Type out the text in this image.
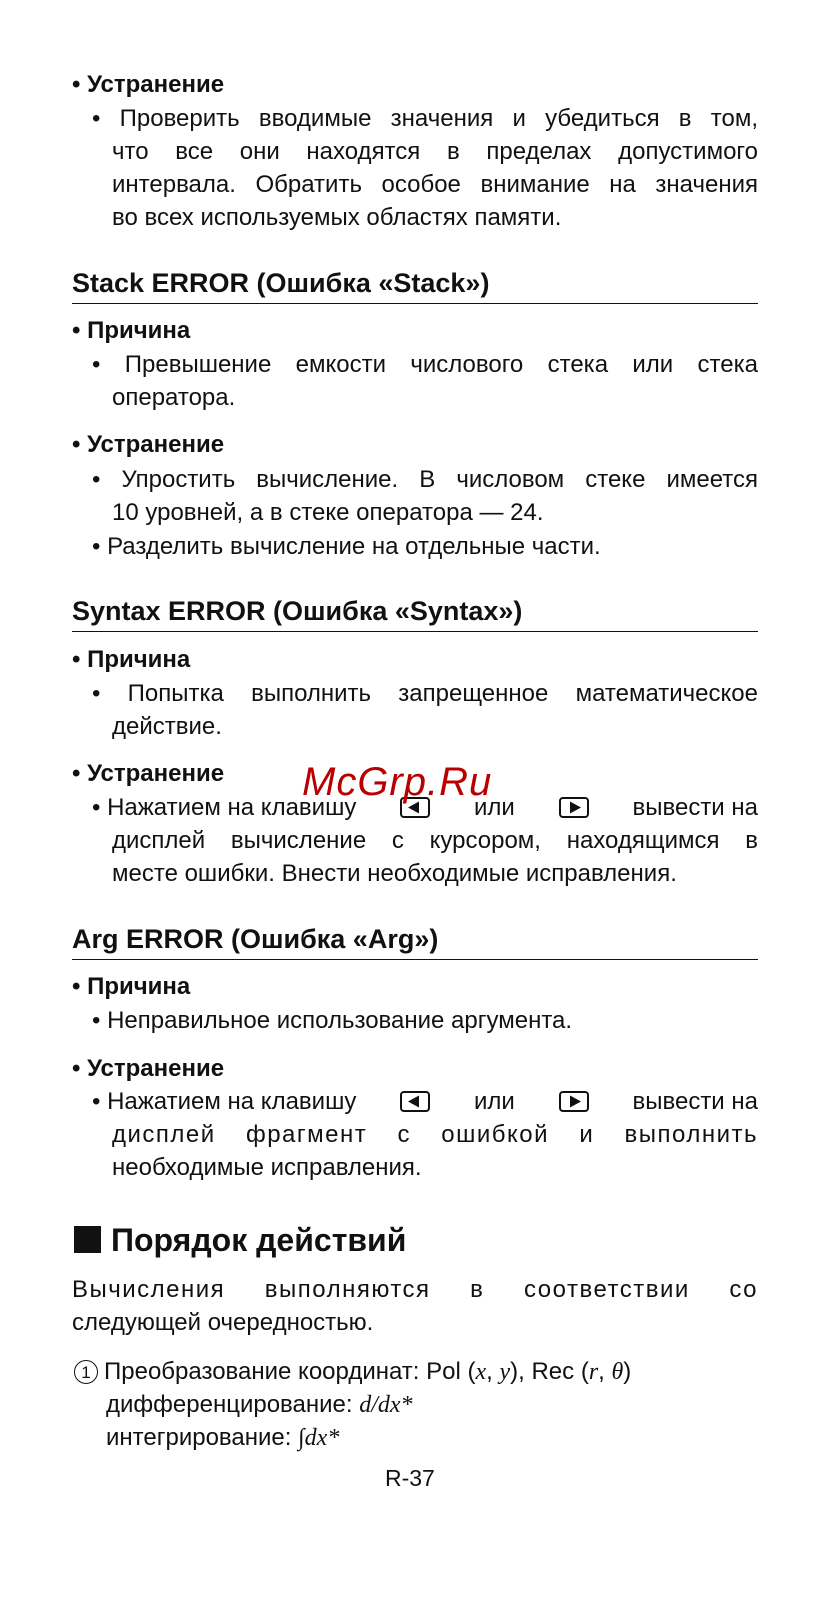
• Устранение
• Проверить вводимые значения и убедиться в том,
что все они находятся в пределах допустимого
интервала. Обратить особое внимание на значения
во всех используемых областях памяти.
Stack ERROR (Ошибка «Stack»)
• Причина
• Превышение емкости числового стека или стека
оператора.
• Устранение
• Упростить вычисление. В числовом стеке имеется
10 уровней, а в стеке оператора — 24.
• Разделить вычисление на отдельные части.
Syntax ERROR (Ошибка «Syntax»)
• Причина
• Попытка выполнить запрещенное математическое
действие.
• Устранение
• Нажатием на клавишу	или	вывести на
дисплей вычисление с курсором, находящимся в
месте ошибки. Внести необходимые исправления.
McGrp.Ru
Arg ERROR (Ошибка «Arg»)
• Причина
• Неправильное использование аргумента.
• Устранение
• Нажатием на клавишу	или	вывести на
дисплей фрагмент с ошибкой и выполнить
необходимые исправления.
Порядок действий
Вычисления выполняются в соответствии со
следующей очередностью.
1 Преобразование координат: Pol (x, y), Rec (r, θ)
дифференцирование: d/dx*
интегрирование: ∫dx*
R-37
